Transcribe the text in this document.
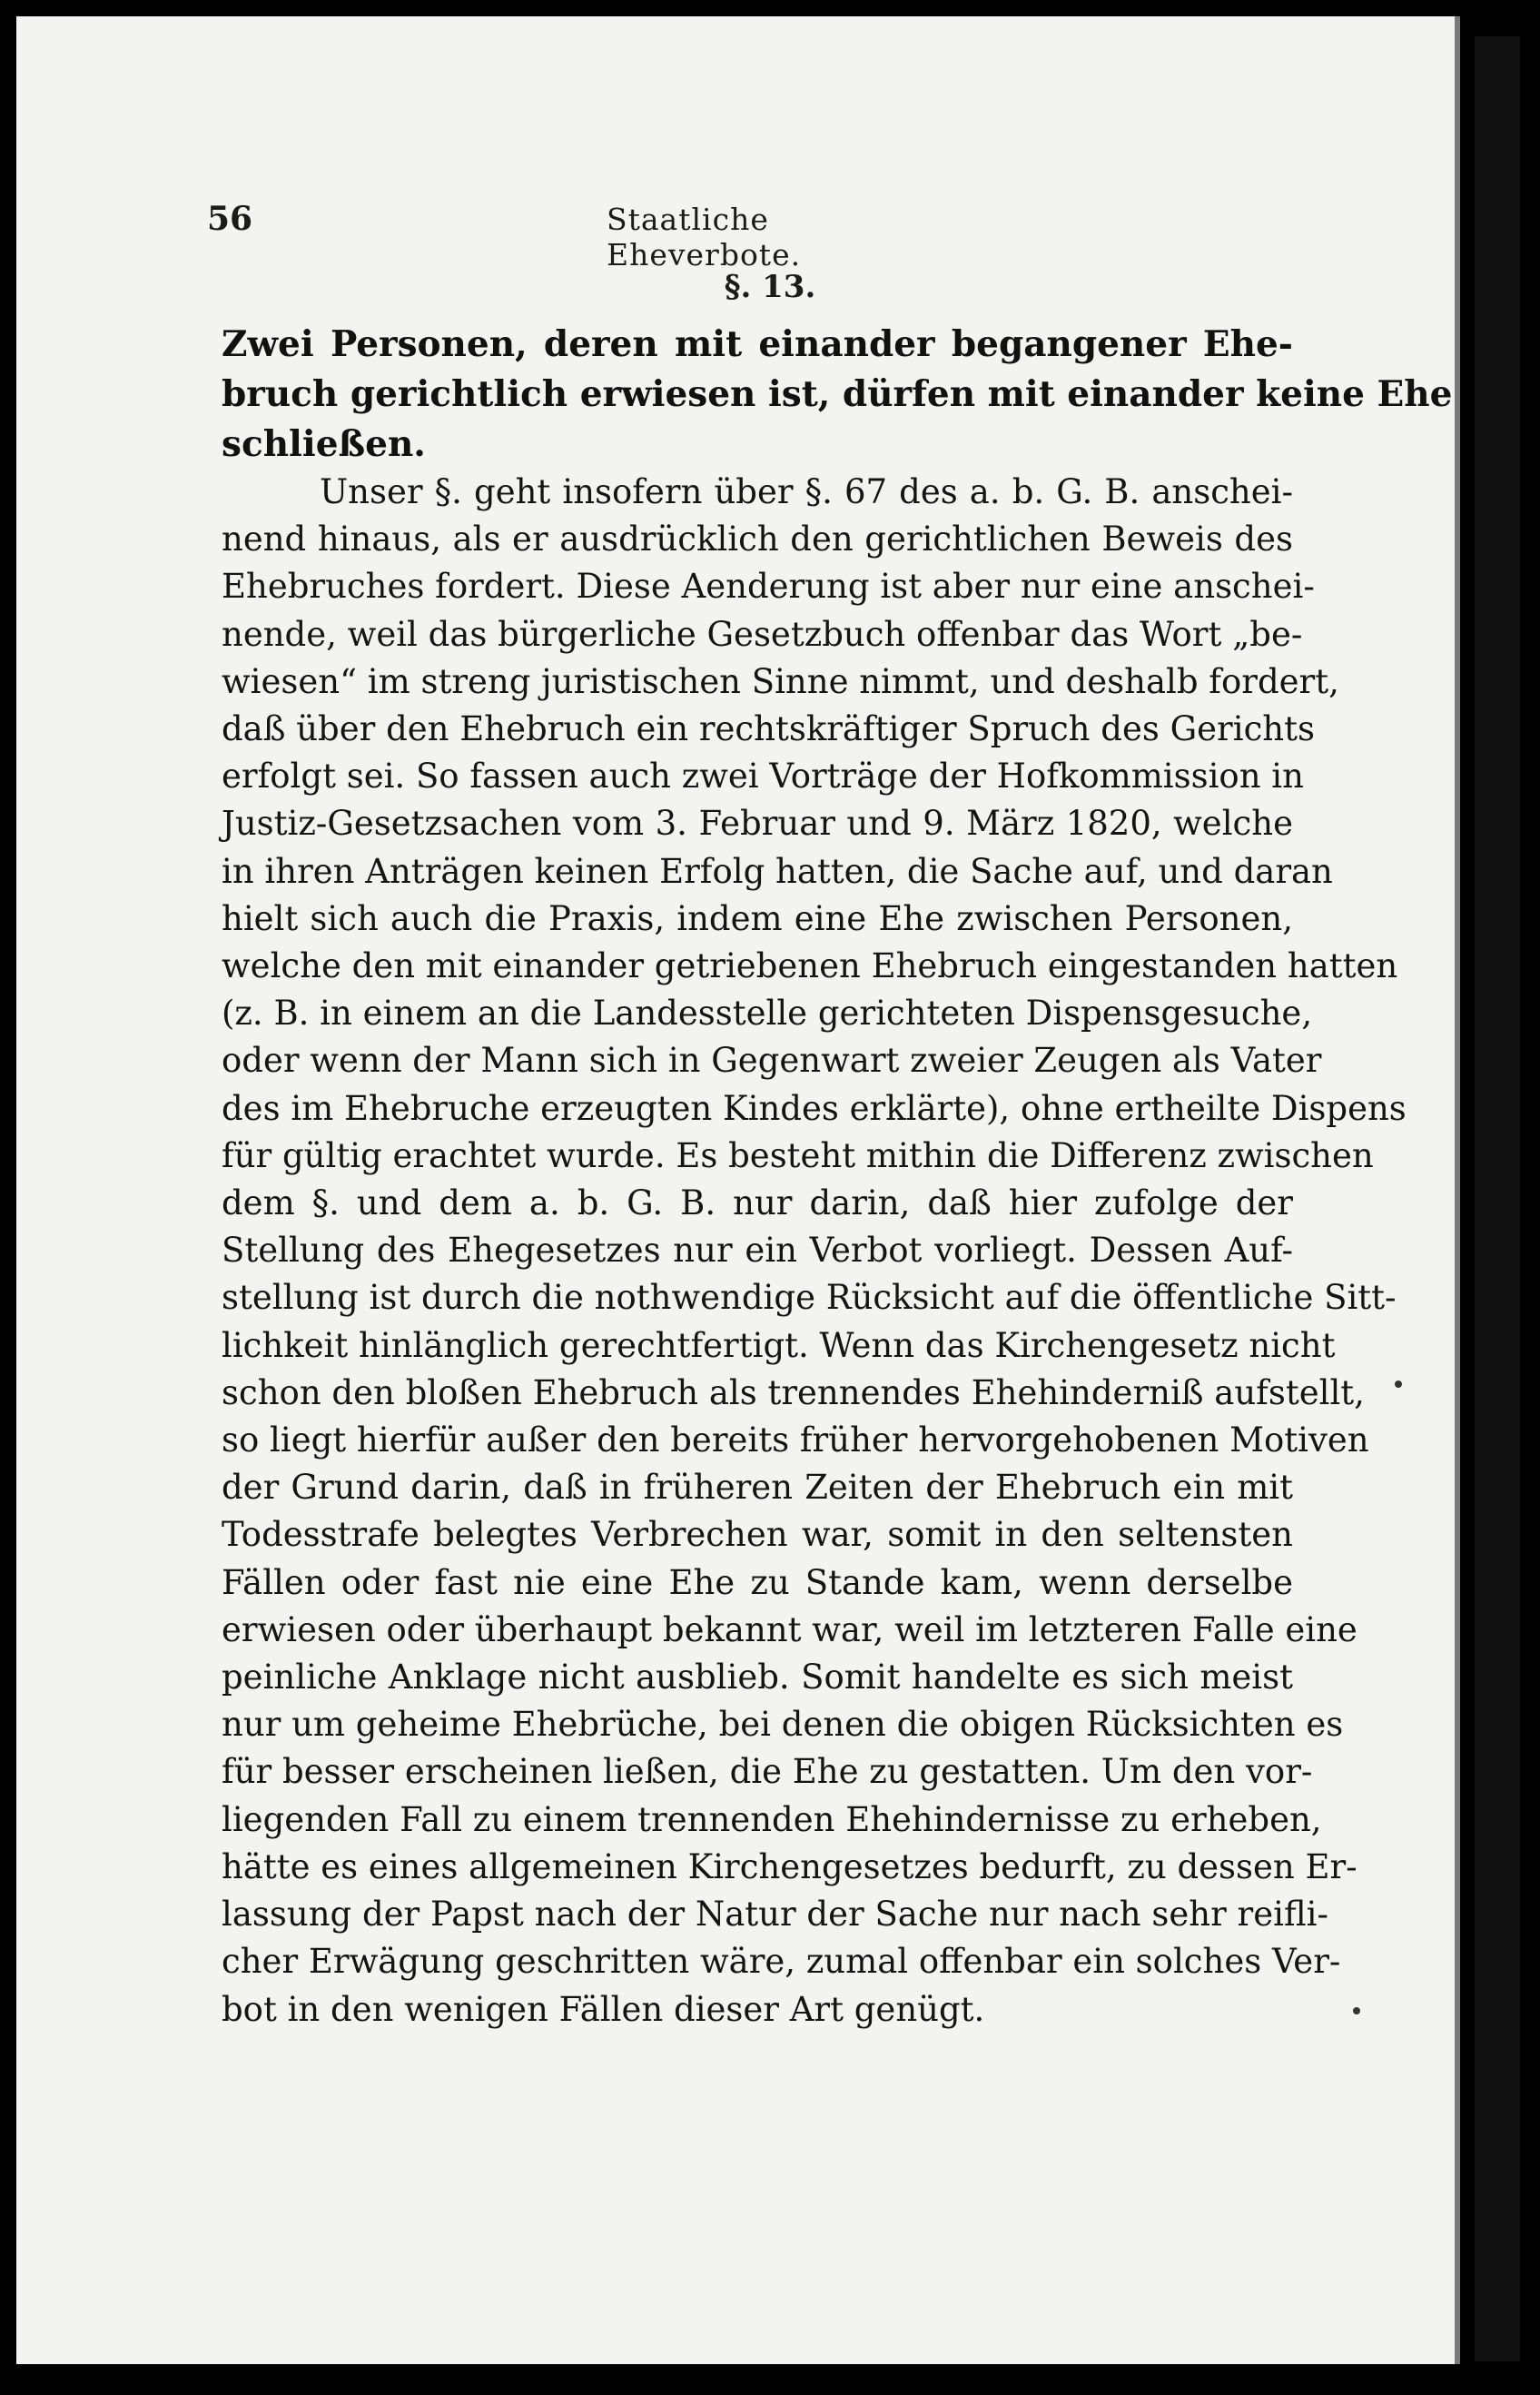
56	Staatliche Eheverbote.
§. 13.
Zwei Personen, deren mit einander begangener Ehe-
bruch gerichtlich erwiesen ist, dürfen mit einander keine Ehe
schließen.
Unser §. geht insofern über §. 67 des a. b. G. B. anschei-
nend hinaus, als er ausdrücklich den gerichtlichen Beweis des
Ehebruches fordert. Diese Aenderung ist aber nur eine anschei-
nende, weil das bürgerliche Gesetzbuch offenbar das Wort „be-
wiesen“ im streng juristischen Sinne nimmt, und deshalb fordert,
daß über den Ehebruch ein rechtskräftiger Spruch des Gerichts
erfolgt sei. So fassen auch zwei Vorträge der Hofkommission in
Justiz-Gesetzsachen vom 3. Februar und 9. März 1820, welche
in ihren Anträgen keinen Erfolg hatten, die Sache auf, und daran
hielt sich auch die Praxis, indem eine Ehe zwischen Personen,
welche den mit einander getriebenen Ehebruch eingestanden hatten
(z. B. in einem an die Landesstelle gerichteten Dispensgesuche,
oder wenn der Mann sich in Gegenwart zweier Zeugen als Vater
des im Ehebruche erzeugten Kindes erklärte), ohne ertheilte Dispens
für gültig erachtet wurde. Es besteht mithin die Differenz zwischen
dem §. und dem a. b. G. B. nur darin, daß hier zufolge der
Stellung des Ehegesetzes nur ein Verbot vorliegt. Dessen Auf-
stellung ist durch die nothwendige Rücksicht auf die öffentliche Sitt-
lichkeit hinlänglich gerechtfertigt. Wenn das Kirchengesetz nicht
schon den bloßen Ehebruch als trennendes Ehehinderniß aufstellt,
so liegt hierfür außer den bereits früher hervorgehobenen Motiven
der Grund darin, daß in früheren Zeiten der Ehebruch ein mit
Todesstrafe belegtes Verbrechen war, somit in den seltensten
Fällen oder fast nie eine Ehe zu Stande kam, wenn derselbe
erwiesen oder überhaupt bekannt war, weil im letzteren Falle eine
peinliche Anklage nicht ausblieb. Somit handelte es sich meist
nur um geheime Ehebrüche, bei denen die obigen Rücksichten es
für besser erscheinen ließen, die Ehe zu gestatten. Um den vor-
liegenden Fall zu einem trennenden Ehehindernisse zu erheben,
hätte es eines allgemeinen Kirchengesetzes bedurft, zu dessen Er-
lassung der Papst nach der Natur der Sache nur nach sehr reifli-
cher Erwägung geschritten wäre, zumal offenbar ein solches Ver-
bot in den wenigen Fällen dieser Art genügt.
